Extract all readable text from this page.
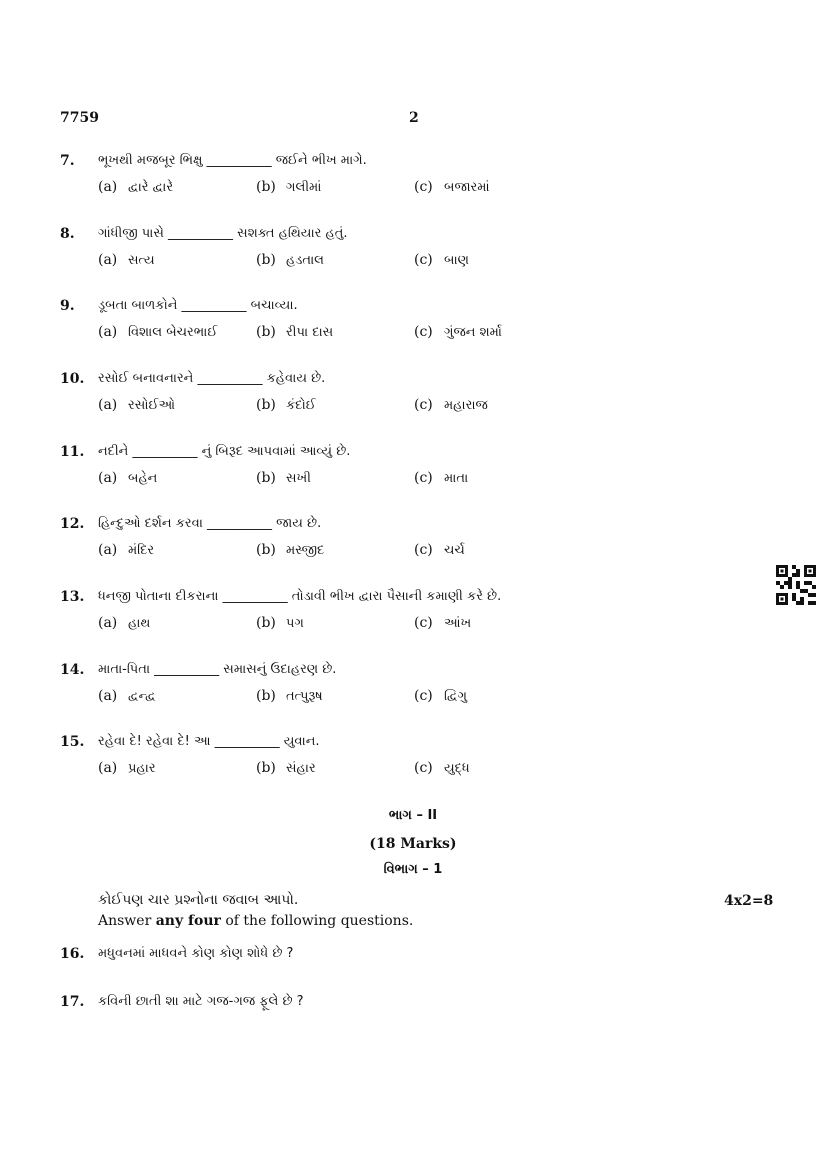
7759	2
7. ભૂખથી મજબૂર ભિક્ષુ __________ જઈને ભીખ માગે.
(a) દ્વારે દ્વારે	(b) ગલીમાં	(c) બજારમાં
8. ગાંધીજી પાસે __________ સશક્ત હથિયાર હતું.
(a) સત્ય	(b) હડતાલ	(c) બાણ
9. ડૂબતા બાળકોને __________ બચાવ્યા.
(a) વિશાલ બેચરભાઈ	(b) રીપા દાસ	(c) ગુંજન શર્મા
10. રસોઈ બનાવનારને __________ કહેવાય છે.
(a) રસોઈઓ	(b) કંદોઈ	(c) મહારાજ
11. નદીને __________ નું બિરૂદ આપવામાં આવ્યું છે.
(a) બહેન	(b) સખી	(c) માતા
12. હિન્દુઓ દર્શન કરવા __________ જાય છે.
(a) મંદિર	(b) મસ્જીદ	(c) ચર્ચ
13. ધનજી પોતાના દીકરાના __________ તોડાવી ભીખ દ્વારા પૈસાની કમાણી કરે છે.
(a) હાથ	(b) પગ	(c) આંખ
14. માતા-પિતા __________ સમાસનું ઉદાહરણ છે.
(a) દ્વન્દ્વ	(b) તત્પુરૂષ	(c) દ્વિગુ
15. રહેવા દે! રહેવા દે! આ __________ યુવાન.
(a) પ્રહાર	(b) સંહાર	(c) યુદ્ધ
ભાગ – II
(18 Marks)
વિભાગ – 1
કોઈપણ ચાર પ્રશ્નોના જવાબ આપો.	4x2=8
Answer any four of the following questions.
16. મધુવનમાં માધવને કોણ કોણ શોધે છે ?
17. કવિની છાતી શા માટે ગજ-ગજ ફૂલે છે ?
